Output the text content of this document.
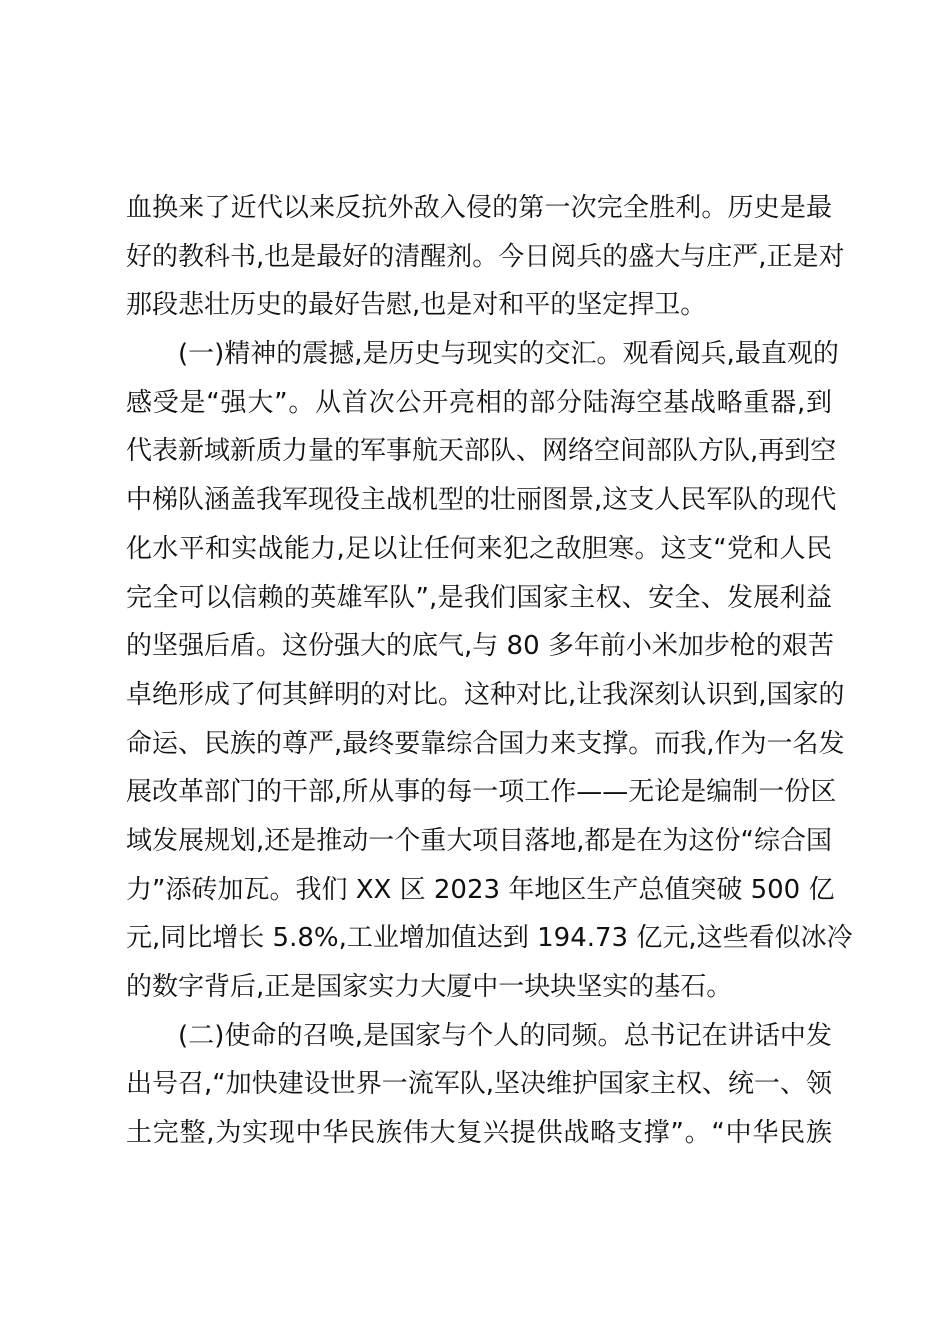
血换来了近代以来反抗外敌入侵的第一次完全胜利。历史是最
好的教科书,也是最好的清醒剂。今日阅兵的盛大与庄严,正是对
那段悲壮历史的最好告慰,也是对和平的坚定捍卫。
(一)精神的震撼,是历史与现实的交汇。观看阅兵,最直观的
感受是“强大”。从首次公开亮相的部分陆海空基战略重器,到
代表新域新质力量的军事航天部队、网络空间部队方队,再到空
中梯队涵盖我军现役主战机型的壮丽图景,这支人民军队的现代
化水平和实战能力,足以让任何来犯之敌胆寒。这支“党和人民
完全可以信赖的英雄军队”,是我们国家主权、安全、发展利益
的坚强后盾。这份强大的底气,与 80 多年前小米加步枪的艰苦
卓绝形成了何其鲜明的对比。这种对比,让我深刻认识到,国家的
命运、民族的尊严,最终要靠综合国力来支撑。而我,作为一名发
展改革部门的干部,所从事的每一项工作——无论是编制一份区
域发展规划,还是推动一个重大项目落地,都是在为这份“综合国
力”添砖加瓦。我们 XX 区 2023 年地区生产总值突破 500 亿
元,同比增长 5.8%,工业增加值达到 194.73 亿元,这些看似冰冷
的数字背后,正是国家实力大厦中一块块坚实的基石。
(二)使命的召唤,是国家与个人的同频。总书记在讲话中发
出号召,“加快建设世界一流军队,坚决维护国家主权、统一、领
土完整,为实现中华民族伟大复兴提供战略支撑”。“中华民族
